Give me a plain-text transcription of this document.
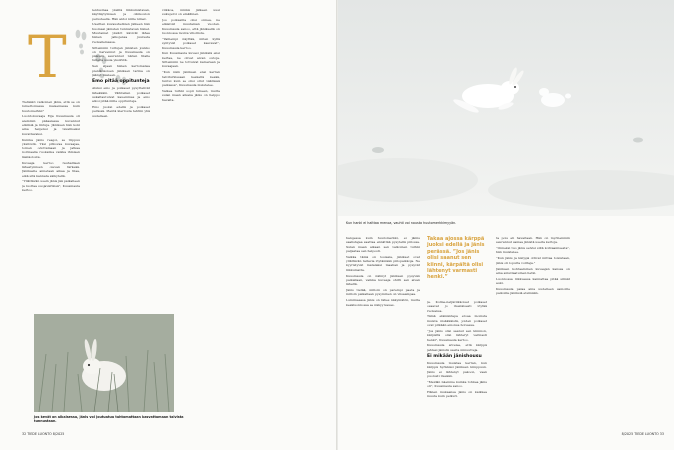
T

Tietääkö valkoinen jänis, että se on lumettomassa maisemassa kuin huutomerkki?

Luontokuvaaja Eija Kuusmaula oli aiemmin pääasiassa kuvannut eläimiä ja lintuja. Jäniksen hän koki aina helpoksi ja tavalliseksi kuvattavaksi.

Kuinka jänis reagoi, se riippuu yksilöstä. Yksi pitkovaa kuvaajaa, toinen odottamaan ja jatkaa normaalia ruokailua vaikka ihmisen läsnäolosta.

Kuvaaja kertoo rauhallisen lähestymisen olevan tärkeää. Jänikselle annetaan aikaa ja tilaa, eikä sitä kannata säikytellä.

”Yllättävän usein jänis jää paikalleen ja luottaa suojaväriinsä”, Kuusmaula kertoo.

lentusinaa yksillä liikkumistavan, käyttäytymisen ja olinkoulon perusteella. Hän antoi niille nimet.

Useitten kuvaushetkien jälkeen hän huomasi jänisten tunnistavan hänet. Muutamat yksilöt kävivät lähes hänen jalkojensa juuresta ruokailemassa.

Sittemmin tuttujen jänisten joukko on harvennut ja Kuusmaula on pääosin seurannut niiden tilalle tulleita uusia yksilöitä.

Sen sijaan hänen kertomansa pienikokoisen jäniksen tarina on jäänyt mieleen.

Emo pitää oppitunteja

Aluksi emo ja poikaset pysyttelivät lähekkäin. Vähitellen poikaset uskaltautuivat kauemmas ja emo alkoi pitää niille oppitunteja.

Emo juoksi edellä ja poikaset perässä. Pientä kierrosta tehtiin yhä uudelleen.

viikkoa, minkä jälkeen uusi sukupolvi on emällinen.

Jos poikasilla olisi onnea, ne eläisivät muutaman vuoden. Kuusmaula sanoo, että jäniksellä on luonnossa monta vihollista.

”Vaihempi näyttää, miten kyllä syntyvät poikaset kasvavat”, Kuusmaula kertoo.

Kun Kuusmaula kuvasi jäniksiä ensi kertaa, ne olivat aivan outoja. Sittemmin ne tottuivat kameraan ja kuvaajaan.

”Kun näin jäniksen ensi kerran talviturkissaan keskellä kesää, tuntui kuin se olisi ollut väärässä paikassa”, Kuusmaula muistelee.

Valkea turkki sopii lumeen, mutta sulan maan aikana jänis on helppo havaita.

Jos kevät on aikaisessa, jänis voi joutuatua tahtomattaan kasvattamaan talvista tunnustaan.
32 TIEDE LUONTO 8/2025
Kun hanki ei haittaa menoa, vauhti voi nousta huutomerkkimyyän.

hangessa kuin huutomerkki, ei jäniis saalistajaa saattaa ennättää pysytellä piilossa. Sulan maan aikaan sen valkoinen turkki paljastaa sen helposti.

Vaikka tämä on tosiasia, jänikset ovat yllättävän taitavia löytämään piilopaikkoja. Ne kyyristyvät matalaksi maahan ja pysyvät liikkumatta.

Kuusmaula on nähnyt jäniksen pysyvän paikallaan, vaikka kuvaaja ohitti sen aivan läheltä.

Jänis tietää, milloin on parempi paeta ja milloin paikallaan pysyminen on viisaampaa.

Lumimaassa jänis on lähes näkymätön, mutta kesäluonnossa se näkyy kauas.

Takaa ajossa kärppä juoksi edellä ja jänis perässä. ”Jos jänis olisi saanut sen kiinni, kärpältä olisi lähtenyt varmasti henki.”

ja. Kolme-neljäviikkoiset poikaset osaavat jo itsenäisesti löytää ruokansa.

Tämä elämäntapa eroaa monista muista nisäkkäistä, joiden poikaset ovat pitkään emonsa hoivassa.

”Jos jänis olisi saanut sen kimmon, kärpältä olisi lähteryt varmasti henki”, Kuusmaula kertoo.

Kuusmaula arvelee, että kärppä jahtasi jänistä useita minuutteja.

Ei mikään jänishousu

Kuusmaula muistaa kerran, kun kärppä hyökkäsi jäniksen kimppuun. Jänis ei lähtenyt pakoon, vaan puolusti itseään.

”Meidän näemme kuinka rohkea jänis oli”, Kuusmaula sanoo.

Hänen mukaansa jänis on kaikkea muuta kuin pelkuri.

ta pois eli havaitaan. Hän on myöhemmin seurannut samaa jänistä useita kertoja.

”Onneksi tuo jänis selvisi siitä kohtaamisesta”, hän muistelee.

”Kun jänis ja kärppä ottivat mittaa toisistaan, jänis oli lopulta voittaja.”

Jäniksen kohtaaminen kuvaajan kanssa on aina ainutlaatuinen hetki.

Luonnossa liikkuessa kannattaa pitää silmät auki.

Kuusmaula palaa aina uudelleen samoille paikoille jäniksiä etsimään.

8/2025 TIEDE LUONTO 33
